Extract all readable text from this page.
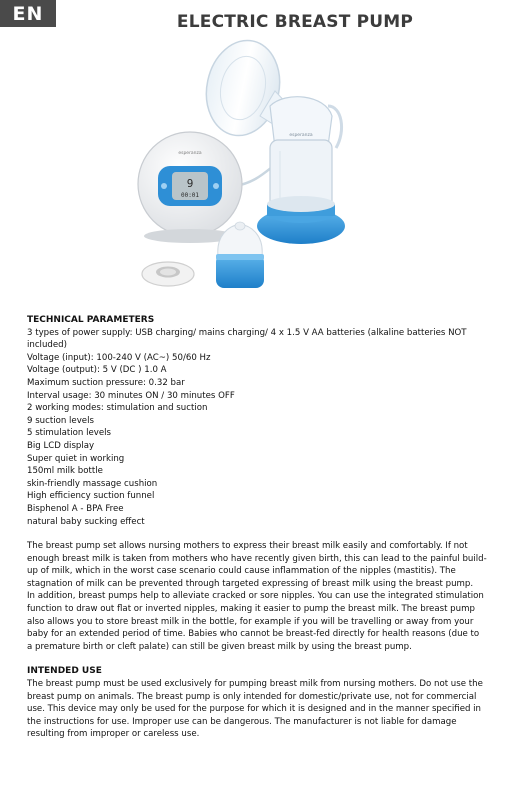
EN	ELECTRIC BREAST PUMP
esperanza
esperanza
9
00:01
TECHNICAL PARAMETERS
3 types of power supply: USB charging/ mains charging/ 4 x 1.5 V AA batteries (alkaline batteries NOT included)
Voltage (input): 100-240 V (AC~) 50/60 Hz
Voltage (output): 5 V (DC ) 1.0 A
Maximum suction pressure: 0.32 bar
Interval usage: 30 minutes ON / 30 minutes OFF
2 working modes: stimulation and suction
9 suction levels
5 stimulation levels
Big LCD display
Super quiet in working
150ml milk bottle
skin-friendly massage cushion
High efficiency suction funnel
Bisphenol A - BPA Free
natural baby sucking effect

The breast pump set allows nursing mothers to express their breast milk easily and comfortably. If not enough breast milk is taken from mothers who have recently given birth, this can lead to the painful build-up of milk, which in the worst case scenario could cause inflammation of the nipples (mastitis). The stagnation of milk can be prevented through targeted expressing of breast milk using the breast pump.

In addition, breast pumps help to alleviate cracked or sore nipples. You can use the integrated stimulation function to draw out flat or inverted nipples, making it easier to pump the breast milk. The breast pump also allows you to store breast milk in the bottle, for example if you will be travelling or away from your baby for an extended period of time. Babies who cannot be breast-fed directly for health reasons (due to a premature birth or cleft palate) can still be given breast milk by using the breast pump.

INTENDED USE

The breast pump must be used exclusively for pumping breast milk from nursing mothers. Do not use the breast pump on animals. The breast pump is only intended for domestic/private use, not for commercial use. This device may only be used for the purpose for which it is designed and in the manner specified in the instructions for use. Improper use can be dangerous. The manufacturer is not liable for damage resulting from improper or careless use.
